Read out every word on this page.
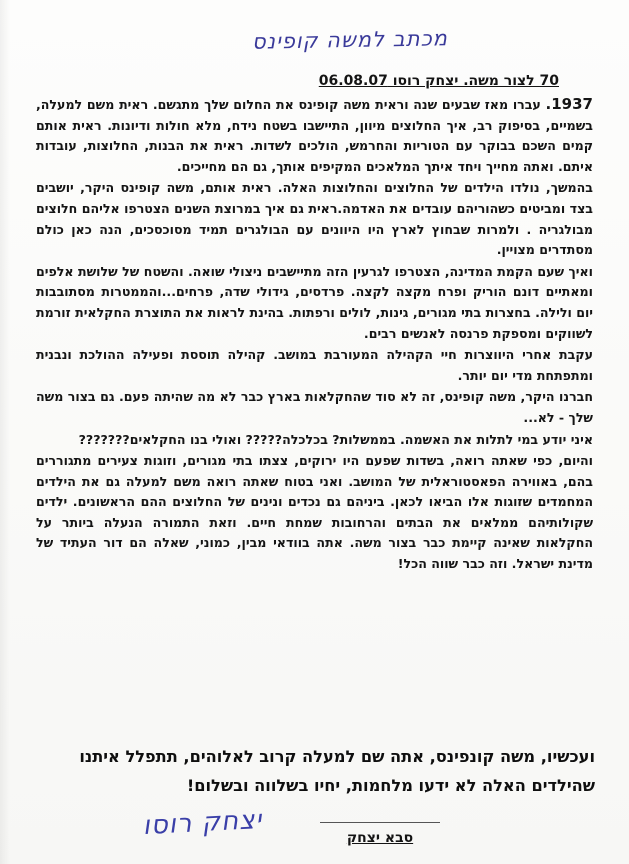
מכתב למשה קופינס
70 לצור משה. יצחק רוסו 06.08.07

1937. עברו מאז שבעים שנה וראית משה קופינס את החלום שלך מתגשם. ראית משם למעלה, בשמיים, בסיפוק רב, איך החלוצים מיוון, התיישבו בשטח נידח, מלא חולות ודיונות. ראית אותם קמים השכם בבוקר עם הטוריות והחרמש, הולכים לשדות. ראית את הבנות, החלוצות, עובדות איתם. ואתה מחייך ויחד איתך המלאכים המקיפים אותך, גם הם מחייכים.

בהמשך, נולדו הילדים של החלוצים והחלוצות האלה. ראית אותם, משה קופינס היקר, יושבים בצד ומביטים כשהוריהם עובדים את האדמה.ראית גם איך במרוצת השנים הצטרפו אליהם חלוצים מבולגריה . ולמרות שבחוץ לארץ היו היוונים עם הבולגרים תמיד מסוכסכים, הנה כאן כולם מסתדרים מצויין.

ואיך שעם הקמת המדינה, הצטרפו לגרעין הזה מתיישבים ניצולי שואה. והשטח של שלושת אלפים ומאתיים דונם הוריק ופרח מקצה לקצה. פרדסים, גידולי שדה, פרחים...והממטרות מסתובבות יום ולילה. בחצרות בתי מגורים, גינות, לולים ורפתות. בהינת לראות את התוצרת החקלאית זורמת לשווקים ומספקת פרנסה לאנשים רבים.

עקבת אחרי היווצרות חיי הקהילה המעורבת במושב. קהילה תוססת ופעילה ההולכת ונבנית ומתפתחת מדי יום יותר.

חברנו היקר, משה קופינס, זה לא סוד שהחקלאות בארץ כבר לא מה שהיתה פעם. גם בצור משה שלך - לא...

איני יודע במי לתלות את האשמה. בממשלות? בכלכלה????? ואולי בנו החקלאים???????

והיום, כפי שאתה רואה, בשדות שפעם היו ירוקים, צצתו בתי מגורים, וזוגות צעירים מתגוררים בהם, באווירה הפאסטוראלית של המושב. ואני בטוח שאתה רואה משם למעלה גם את הילדים המחמדים שזוגות אלו הביאו לכאן. ביניהם גם נכדים ונינים של החלוצים ההם הראשונים. ילדים שקולותיהם ממלאים את הבתים והרחובות שמחת חיים. וזאת התמורה הנעלה ביותר על החקלאות שאינה קיימת כבר בצור משה. אתה בוודאי מבין, כמוני, שאלה הם דור העתיד של מדינת ישראל. וזה כבר שווה הכל!

ועכשיו, משה קונפינס, אתה שם למעלה קרוב לאלוהים, תתפלל איתנו שהילדים האלה לא ידעו מלחמות, יחיו בשלווה ובשלום!
יצחק רוסו	סבא יצחק
